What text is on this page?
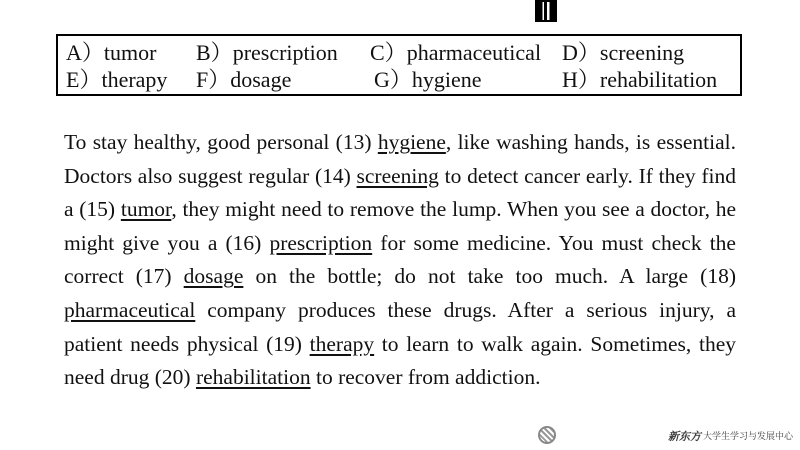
A）tumor B）prescription C）pharmaceutical D）screening
E）therapy F）dosage	G）hygiene	H）rehabilitation
To stay healthy, good personal (13) hygiene, like washing hands, is essential. Doctors also suggest regular (14) screening to detect cancer early. If they find a (15) tumor, they might need to remove the lump. When you see a doctor, he might give you a (16) prescription for some medicine. You must check the correct (17) dosage on the bottle; do not take too much. A large (18) pharmaceutical company produces these drugs. After a serious injury, a patient needs physical (19) therapy to learn to walk again. Sometimes, they need drug (20) rehabilitation to recover from addiction.
新东方 大学生学习与发展中心
